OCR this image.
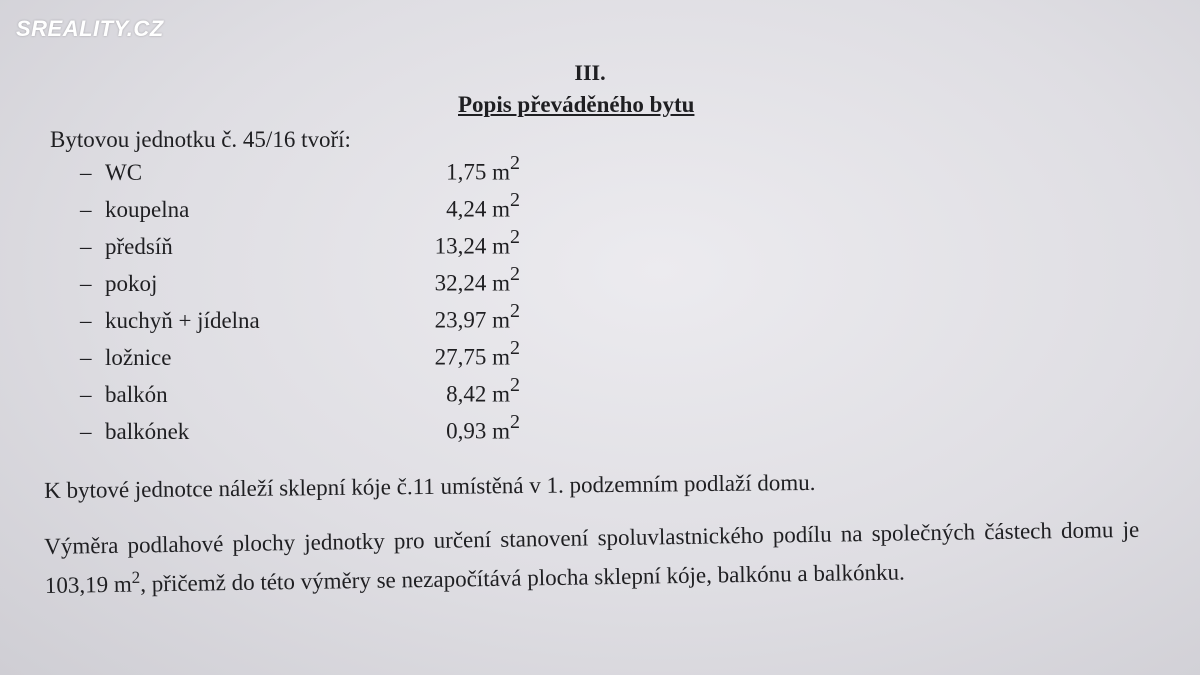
SREALITY.CZ
III.
Popis převáděného bytu
Bytovou jednotku č. 45/16 tvoří:
– WC	1,75 $m^2$
– koupelna	4,24 $m^2$
– předsíň	13,24 $m^2$
– pokoj	32,24 $m^2$
– kuchyň + jídelna	23,97 $m^2$
– ložnice	27,75 $m^2$
– balkón	8,42 $m^2$
– balkónek	0,93 $m^2$
K bytové jednotce náleží sklepní kóje č.11 umístěná v 1. podzemním podlaží domu.
Výměra podlahové plochy jednotky pro určení stanovení spoluvlastnického podílu na společných částech domu je 103,19 $m^2$, přičemž do této výměry se nezapočítává plocha sklepní kóje, balkónu a balkónku.
